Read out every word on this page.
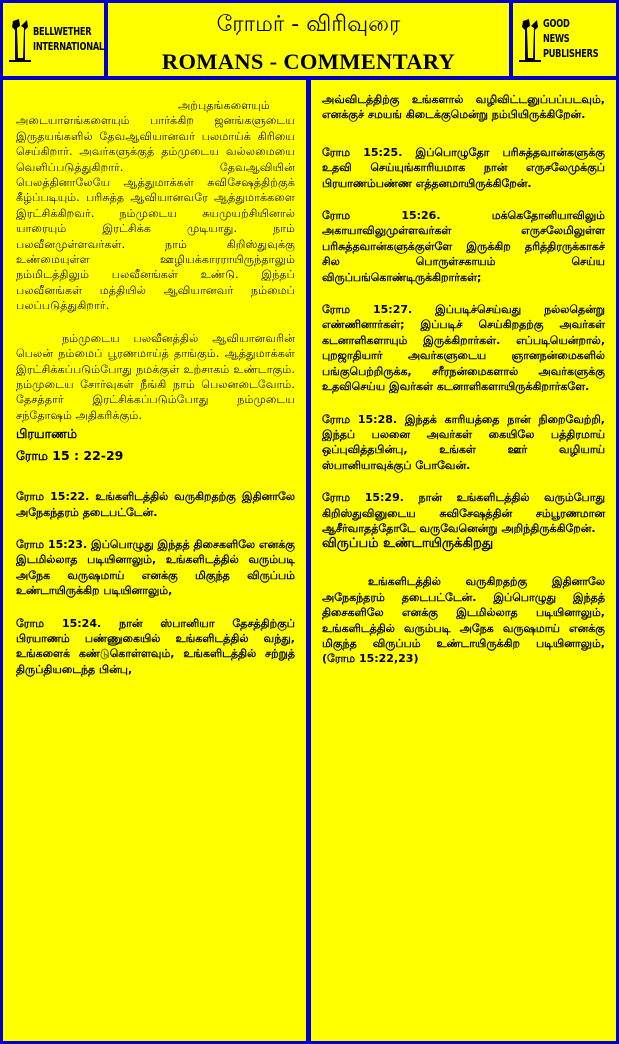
BELLWETHER
INTERNATIONAL
ரோமர் - விரிவுரை
ROMANS - COMMENTARY
GOOD NEWS
PUBLISHERS

அற்புதங்களையும் அடையாளங்களையும் பார்க்கிற ஜனங்களுடைய இருதயங்களில் தேவஆவியானவர் பலமாய்க் கிரியை செய்கிறார். அவர்களுக்குத் தம்முடைய வல்லமையை வெளிப்படுத்துகிறார். தேவஆவியின் பெலத்தினாலேயே ஆத்துமாக்கள் சுவிசேஷத்திற்குக் கீழ்ப்படியும். பரிசுத்த ஆவியானவரே ஆத்துமாக்களை இரட்சிக்கிறவர். நம்முடைய சுயமுயற்சியினால் யாரையும் இரட்சிக்க முடியாது. நாம் பலவீனமுள்ளவர்கள். நாம் கிறிஸ்துவுக்கு உண்மையுள்ள ஊழியக்காரராயிருந்தாலும் நம்மிடத்திலும் பலவீனங்கள் உண்டு. இந்தப் பலவீனங்கள் மத்தியில் ஆவியானவர் நம்மைப் பலப்படுத்துகிறார்.

நம்முடைய பலவீனத்தில் ஆவியானவரின் பெலன் நம்மைப் பூரணமாய்த் தாங்கும். ஆத்துமாக்கள் இரட்சிக்கப்படும்போது நமக்குள் உற்சாகம் உண்டாகும். நம்முடைய சோர்வுகள் நீங்கி நாம் பெலனடைவோம். தேசத்தார் இரட்சிக்கப்படும்போது நம்முடைய சந்தோஷம் அதிகரிக்கும்.

பிரயாணம்

ரோம 15 : 22-29

ரோம 15:22. உங்களிடத்தில் வருகிறதற்கு இதினாலே அநேகந்தரம் தடைபட்டேன்.

ரோம 15:23. இப்பொழுது இந்தத் திசைகளிலே எனக்கு இடமில்லாத படியினாலும், உங்களிடத்தில் வரும்படி அநேக வருஷமாய் எனக்கு மிகுந்த விருப்பம் உண்டாயிருக்கிற படியினாலும்,

ரோம 15:24. நான் ஸ்பானியா தேசத்திற்குப் பிரயாணம் பண்ணுகையில் உங்களிடத்தில் வந்து, உங்களைக் கண்டுகொள்ளவும், உங்களிடத்தில் சற்றுத் திருப்தியடைந்த பின்பு,

அவ்விடத்திற்கு உங்களால் வழிவிட்டனுப்பப்படவும், எனக்குச் சமயங் கிடைக்குமென்று நம்பியிருக்கிறேன்.

ரோம 15:25. இப்பொழுதோ பரிசுத்தவான்களுக்கு உதவி செய்யுங்காரியமாக நான் எருசலேமுக்குப் பிரயாணம்பண்ண எத்தனமாயிருக்கிறேன்.

ரோம 15:26. மக்கெதோனியாவிலும் அகாயாவிலுமுள்ளவர்கள் எருசலேமிலுள்ள பரிசுத்தவான்களுக்குள்ளே இருக்கிற தரித்திரருக்காகச் சில பொருள்சகாயம் செய்ய விருப்பங்கொண்டிருக்கிறார்கள்;

ரோம 15:27. இப்படிச்செய்வது நல்லதென்று எண்ணினார்கள்; இப்படிச் செய்கிறதற்கு அவர்கள் கடனாளிகளாயும் இருக்கிறார்கள். எப்படியென்றால், புறஜாதியார் அவர்களுடைய ஞானநன்மைகளில் பங்குபெற்றிருக்க, சரீரநன்மைகளால் அவர்களுக்கு உதவிசெய்ய இவர்கள் கடனாளிகளாயிருக்கிறார்களே.

ரோம 15:28. இந்தக் காரியத்தை நான் நிறைவேற்றி, இந்தப் பலனை அவர்கள் கையிலே பத்திரமாய் ஒப்புவித்தபின்பு, உங்கள் ஊர் வழியாய் ஸ்பானியாவுக்குப் போவேன்.

ரோம 15:29. நான் உங்களிடத்தில் வரும்போது கிறிஸ்துவினுடைய சுவிசேஷத்தின் சம்பூரணமான ஆசீர்வாதத்தோடே வருவேனென்று அறிந்திருக்கிறேன்.

விருப்பம் உண்டாயிருக்கிறது

உங்களிடத்தில் வருகிறதற்கு இதினாலே அநேகந்தரம் தடைபட்டேன். இப்பொழுது இந்தத் திசைகளிலே எனக்கு இடமில்லாத படியினாலும், உங்களிடத்தில் வரும்படி அநேக வருஷமாய் எனக்கு மிகுந்த விருப்பம் உண்டாயிருக்கிற படியினாலும், (ரோம 15:22,23)
